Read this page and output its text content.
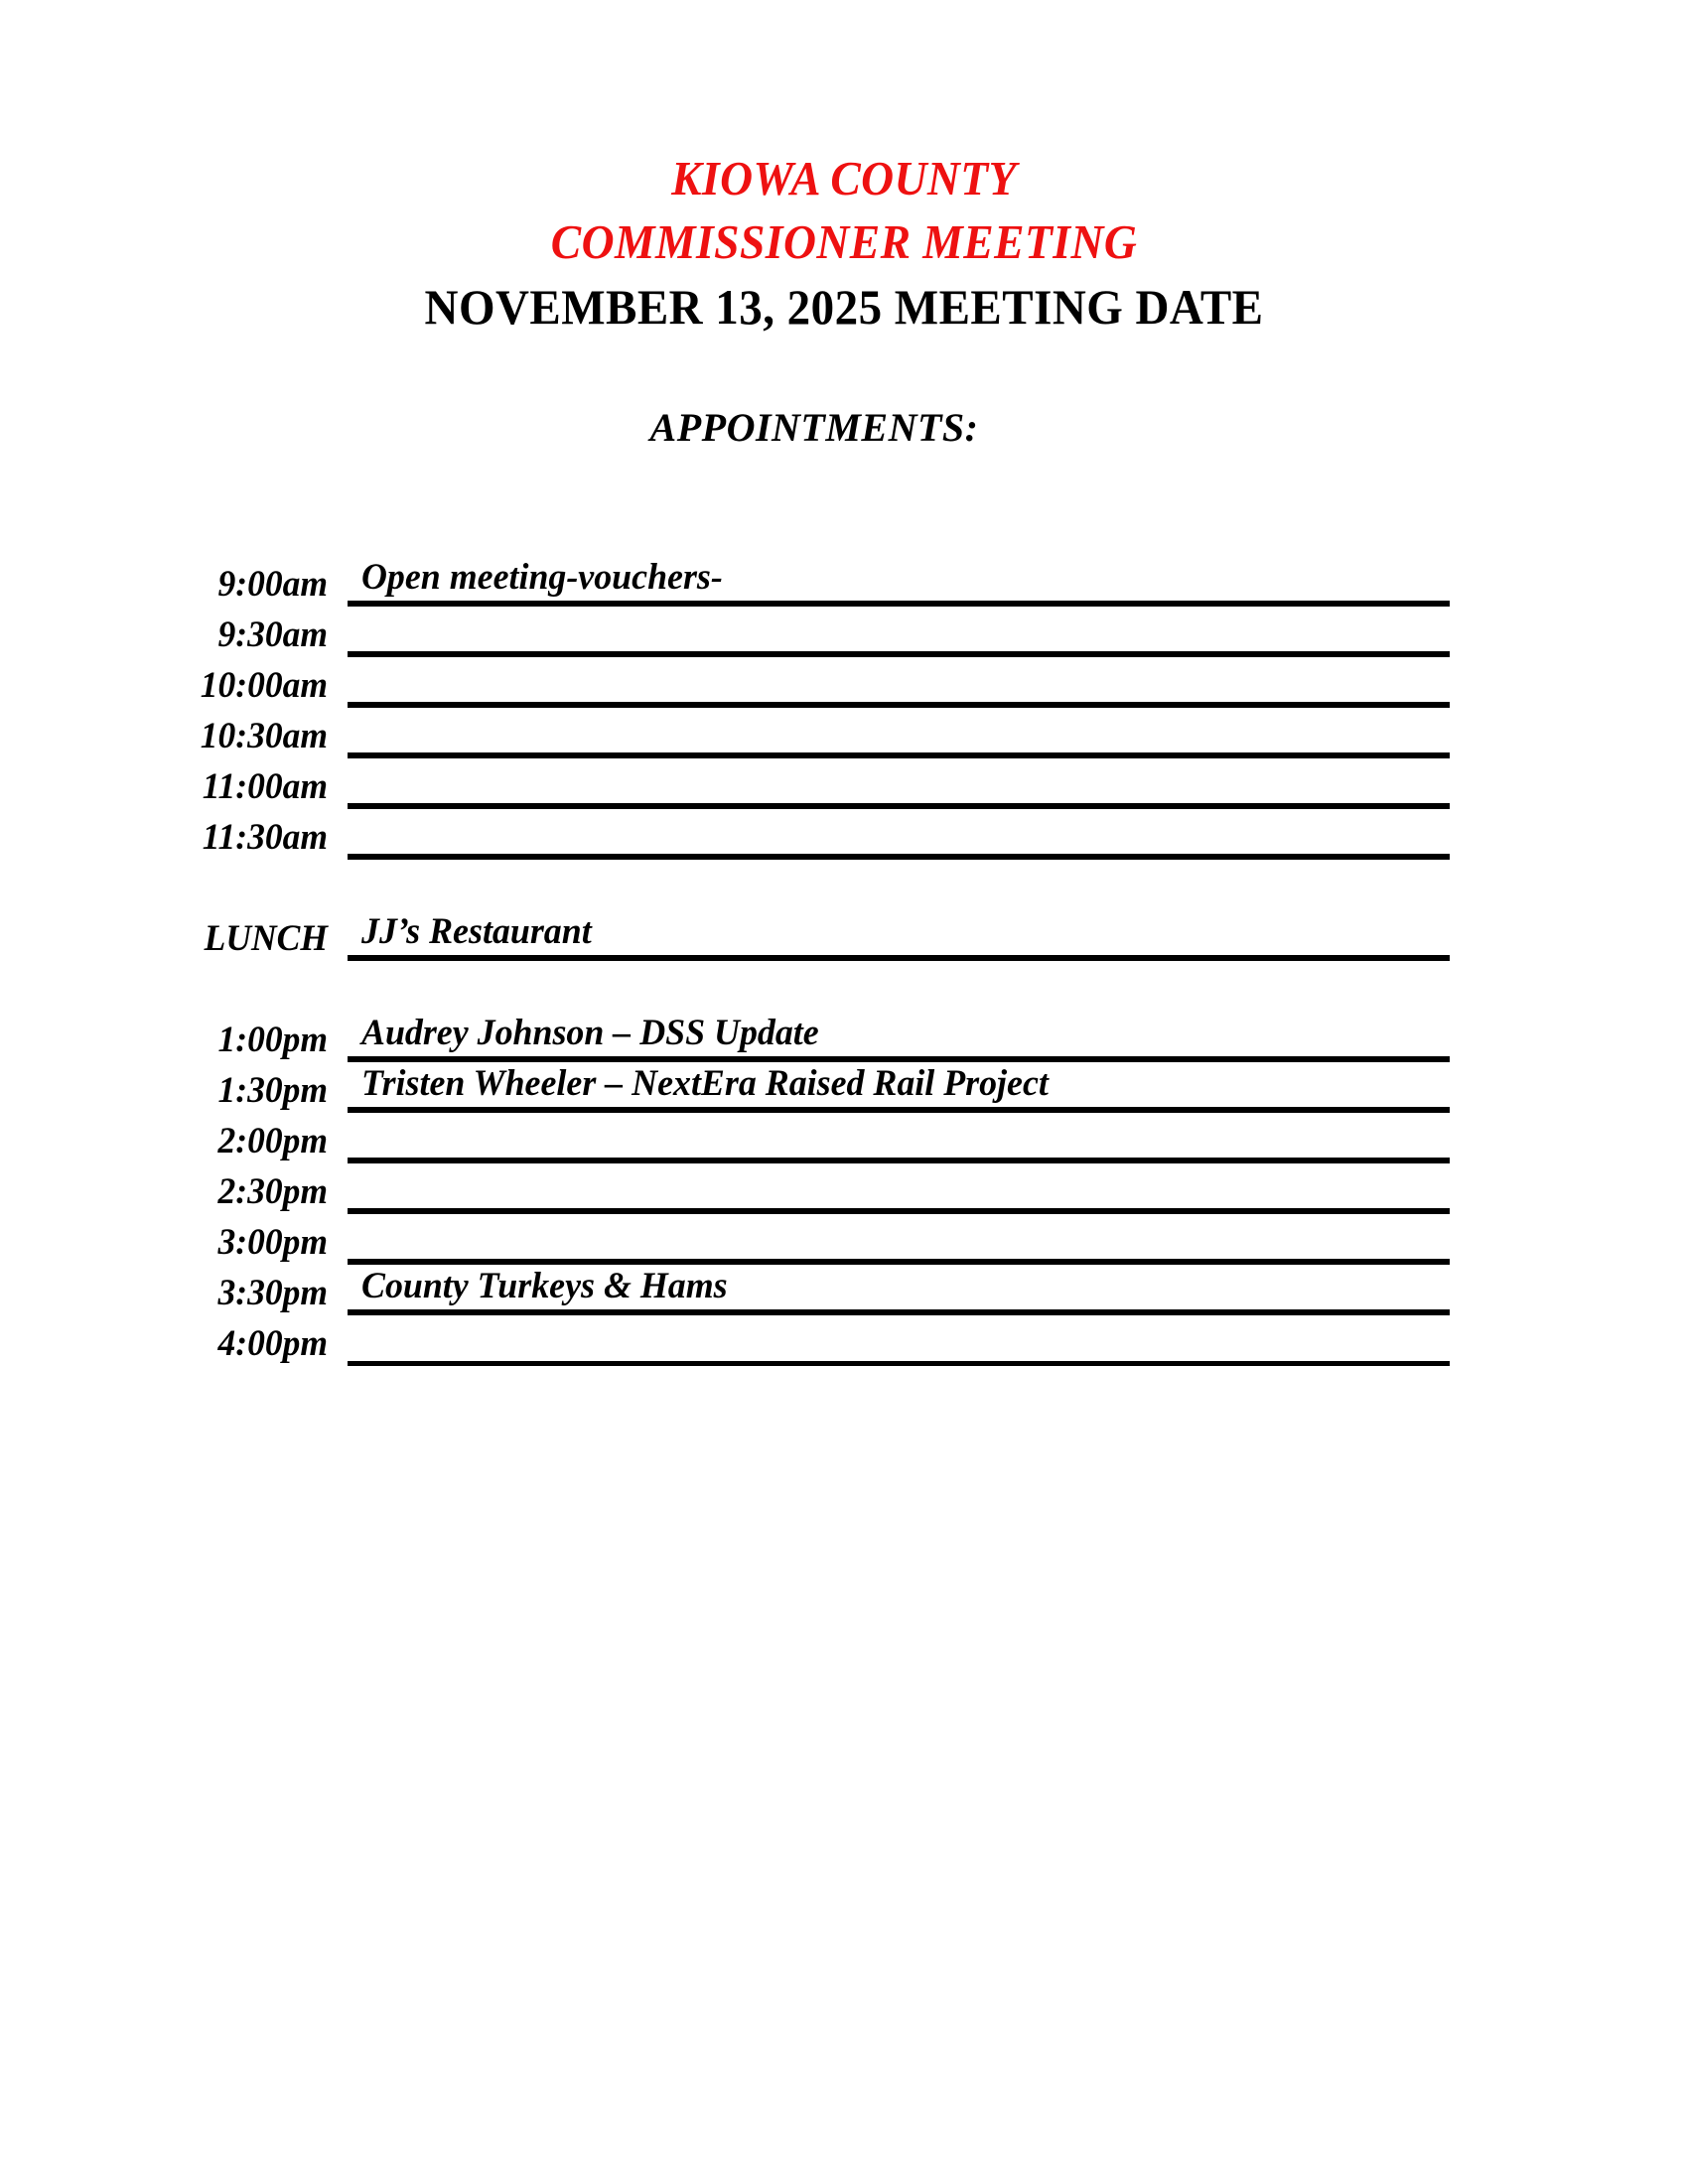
KIOWA COUNTY
COMMISSIONER MEETING
NOVEMBER 13, 2025 MEETING DATE
APPOINTMENTS:
9:00am Open meeting-vouchers-
9:30am
10:00am
10:30am
11:00am
11:30am
LUNCH JJ’s Restaurant
1:00pm Audrey Johnson – DSS Update
1:30pm Tristen Wheeler – NextEra Raised Rail Project
2:00pm
2:30pm
3:00pm
3:30pm County Turkeys & Hams
4:00pm
